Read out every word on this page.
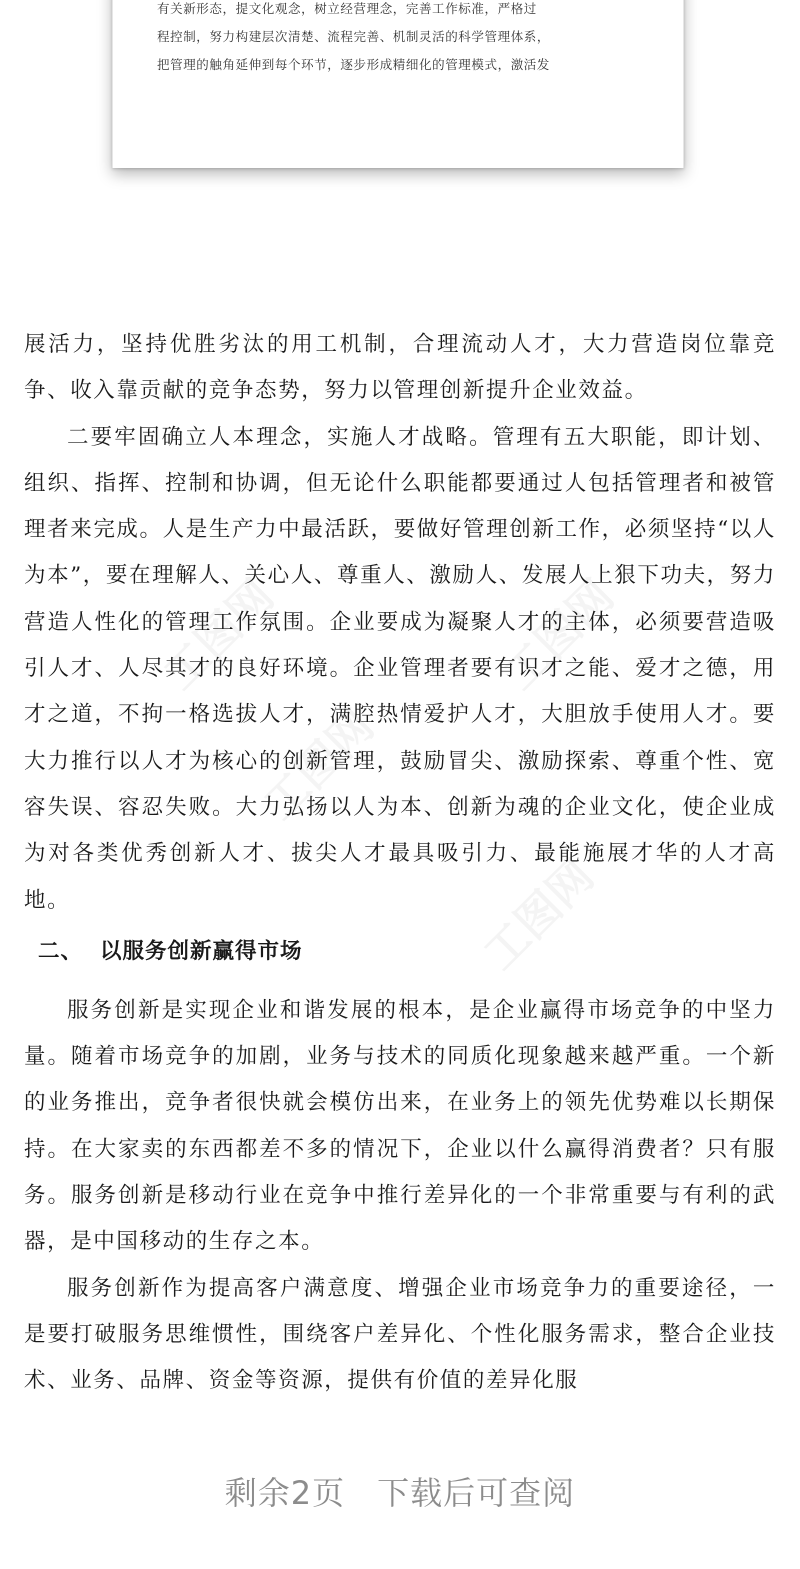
有关新形态，提文化观念，树立经营理念，完善工作标准，严格过
程控制，努力构建层次清楚、流程完善、机制灵活的科学管理体系，
把管理的触角延伸到每个环节，逐步形成精细化的管理模式，激活发

展活力，坚持优胜劣汰的用工机制，合理流动人才，大力营造岗位靠竞争、收入靠贡献的竞争态势，努力以管理创新提升企业效益。

二要牢固确立人本理念，实施人才战略。管理有五大职能，即计划、组织、指挥、控制和协调，但无论什么职能都要通过人包括管理者和被管理者来完成。人是生产力中最活跃，要做好管理创新工作，必须坚持“以人为本”，要在理解人、关心人、尊重人、激励人、发展人上狠下功夫，努力营造人性化的管理工作氛围。企业要成为凝聚人才的主体，必须要营造吸引人才、人尽其才的良好环境。企业管理者要有识才之能、爱才之德，用才之道，不拘一格选拔人才，满腔热情爱护人才，大胆放手使用人才。要大力推行以人才为核心的创新管理，鼓励冒尖、激励探索、尊重个性、宽容失误、容忍失败。大力弘扬以人为本、创新为魂的企业文化，使企业成为对各类优秀创新人才、拔尖人才最具吸引力、最能施展才华的人才高地。

二、 以服务创新赢得市场

服务创新是实现企业和谐发展的根本，是企业赢得市场竞争的中坚力量。随着市场竞争的加剧，业务与技术的同质化现象越来越严重。一个新的业务推出，竞争者很快就会模仿出来，在业务上的领先优势难以长期保持。在大家卖的东西都差不多的情况下，企业以什么赢得消费者？只有服务。服务创新是移动行业在竞争中推行差异化的一个非常重要与有利的武器，是中国移动的生存之本。

服务创新作为提高客户满意度、增强企业市场竞争力的重要途径，一是要打破服务思维惯性，围绕客户差异化、个性化服务需求，整合企业技术、业务、品牌、资金等资源，提供有价值的差异化服

剩余2页 下载后可查阅
